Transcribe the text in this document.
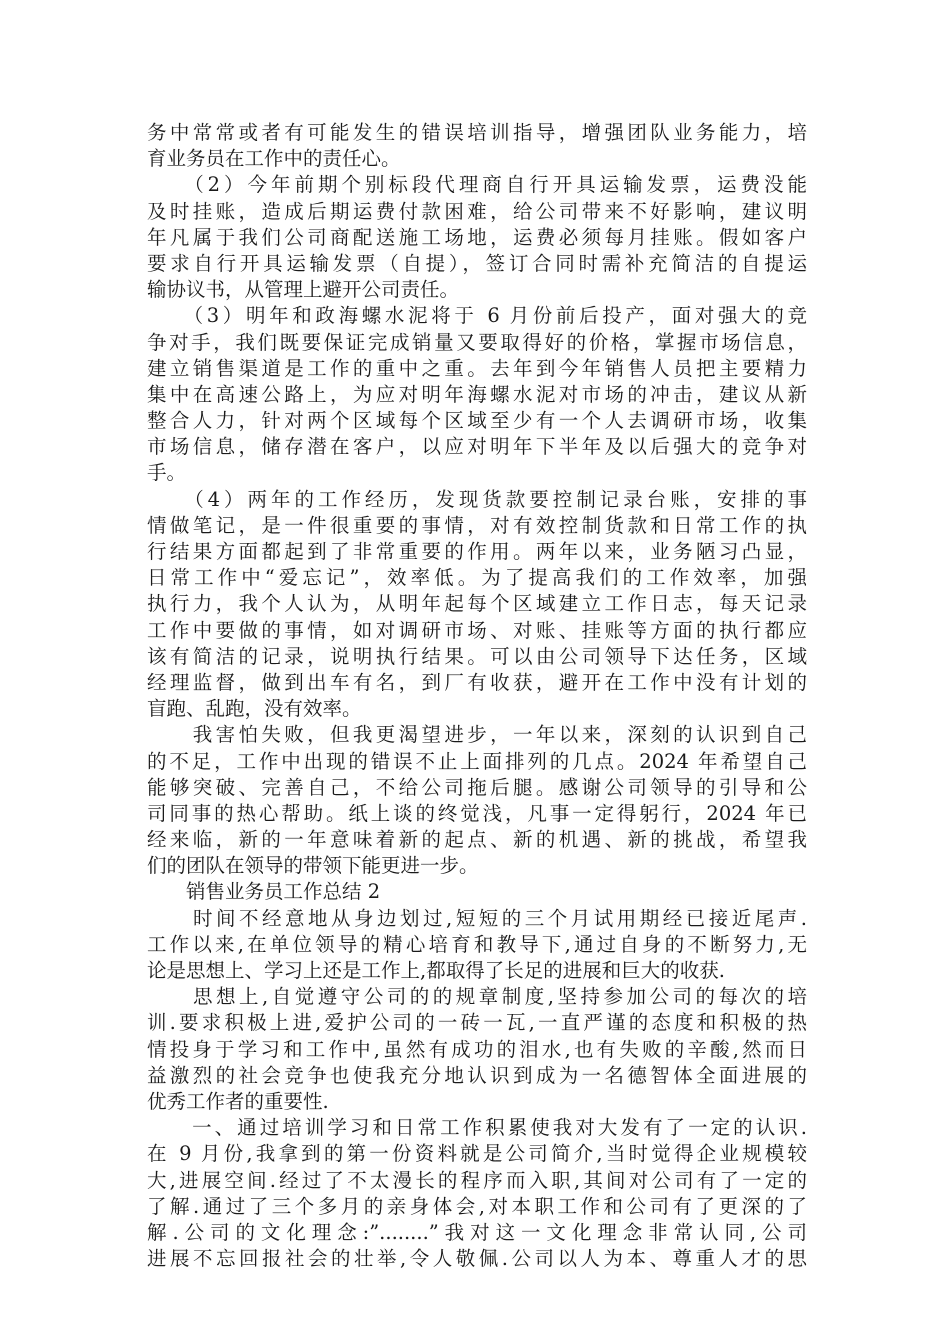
务中常常或者有可能发生的错误培训指导，增强团队业务能力，培
育业务员在工作中的责任心。
　　（2）今年前期个别标段代理商自行开具运输发票，运费没能
及时挂账，造成后期运费付款困难，给公司带来不好影响，建议明
年凡属于我们公司商配送施工场地，运费必须每月挂账。假如客户
要求自行开具运输发票（自提），签订合同时需补充简洁的自提运
输协议书，从管理上避开公司责任。
　　（3）明年和政海螺水泥将于 6 月份前后投产，面对强大的竞
争对手，我们既要保证完成销量又要取得好的价格，掌握市场信息，
建立销售渠道是工作的重中之重。去年到今年销售人员把主要精力
集中在高速公路上，为应对明年海螺水泥对市场的冲击，建议从新
整合人力，针对两个区域每个区域至少有一个人去调研市场，收集
市场信息，储存潜在客户，以应对明年下半年及以后强大的竞争对
手。
　　（4）两年的工作经历，发现货款要控制记录台账，安排的事
情做笔记，是一件很重要的事情，对有效控制货款和日常工作的执
行结果方面都起到了非常重要的作用。两年以来，业务陋习凸显，
日常工作中“爱忘记”，效率低。为了提高我们的工作效率，加强
执行力，我个人认为，从明年起每个区域建立工作日志，每天记录
工作中要做的事情，如对调研市场、对账、挂账等方面的执行都应
该有简洁的记录，说明执行结果。可以由公司领导下达任务，区域
经理监督，做到出车有名，到厂有收获，避开在工作中没有计划的
盲跑、乱跑，没有效率。
　　我害怕失败，但我更渴望进步，一年以来，深刻的认识到自己
的不足，工作中出现的错误不止上面排列的几点。2024 年希望自己
能够突破、完善自己，不给公司拖后腿。感谢公司领导的引导和公
司同事的热心帮助。纸上谈的终觉浅，凡事一定得躬行，2024 年已
经来临，新的一年意味着新的起点、新的机遇、新的挑战，希望我
们的团队在领导的带领下能更进一步。
　　销售业务员工作总结 2
　　时间不经意地从身边划过,短短的三个月试用期经已接近尾声.
工作以来,在单位领导的精心培育和教导下,通过自身的不断努力,无
论是思想上、学习上还是工作上,都取得了长足的进展和巨大的收获.
　　思想上,自觉遵守公司的的规章制度,坚持参加公司的每次的培
训.要求积极上进,爱护公司的一砖一瓦,一直严谨的态度和积极的热
情投身于学习和工作中,虽然有成功的泪水,也有失败的辛酸,然而日
益激烈的社会竞争也使我充分地认识到成为一名德智体全面进展的
优秀工作者的重要性.
　　一、通过培训学习和日常工作积累使我对大发有了一定的认识.
在 9 月份,我拿到的第一份资料就是公司简介,当时觉得企业规模较
大,进展空间.经过了不太漫长的程序而入职,其间对公司有了一定的
了解.通过了三个多月的亲身体会,对本职工作和公司有了更深的了
解.公司的文化理念:”........”我对这一文化理念非常认同,公司
进展不忘回报社会的壮举,令人敬佩.公司以人为本、尊重人才的思
